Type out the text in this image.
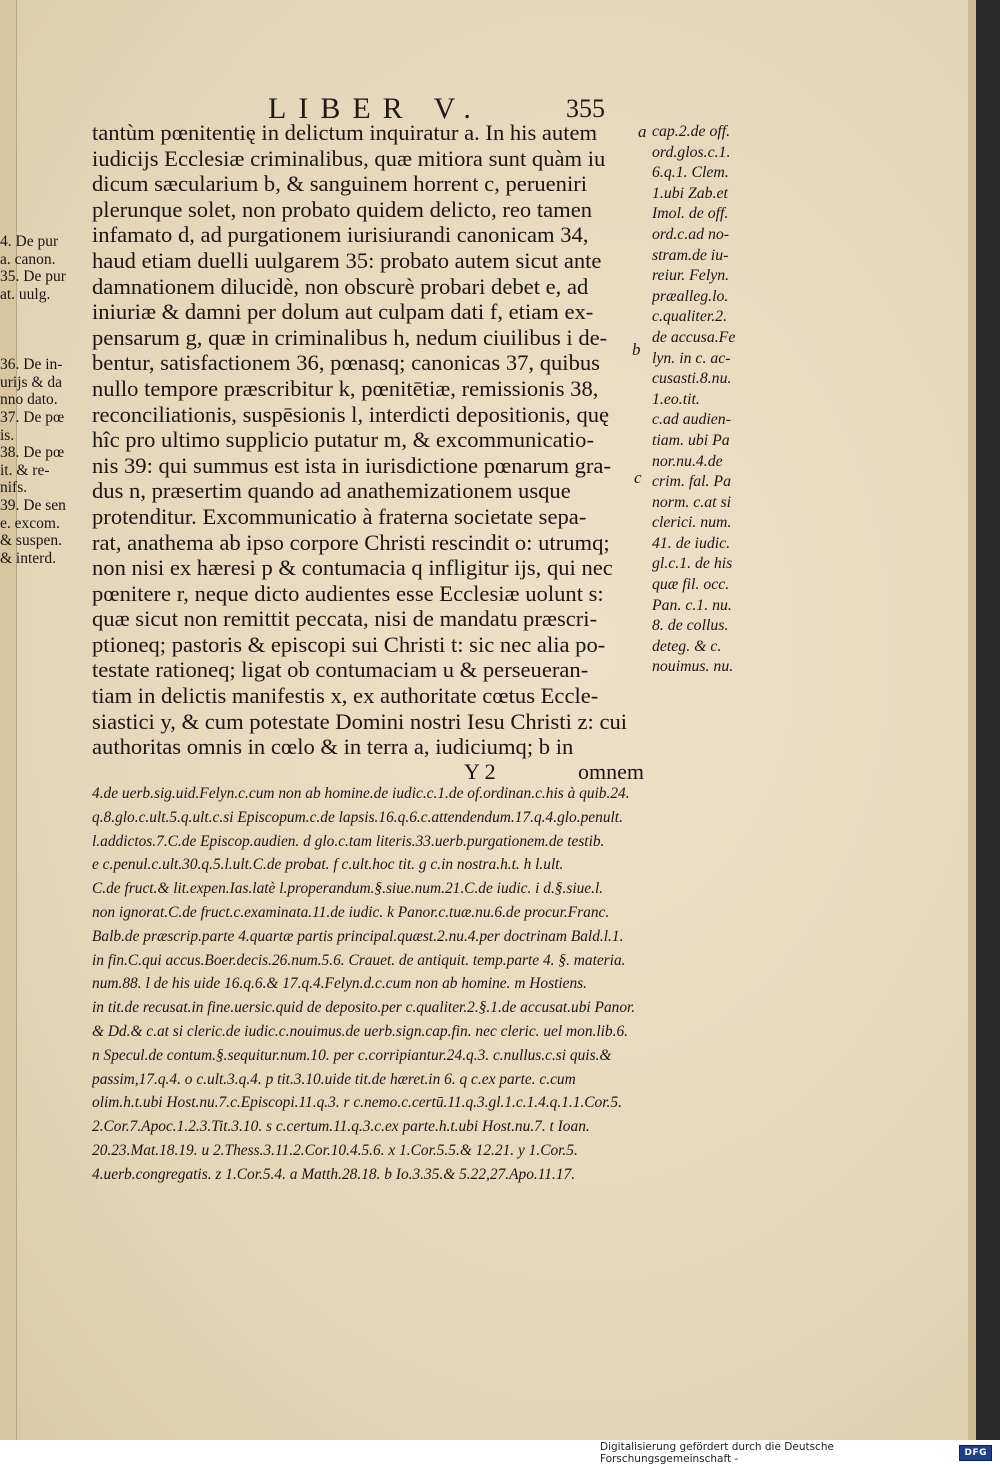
LIBER V.	355
4. De pur
a. canon.
35. De pur
at. uulg.

36. De in-
urijs & da
nno dato.
37. De pœ
is.
38. De pœ
it. & re-
nifs.
39. De sen
e. excom.
& suspen.
& interd.
tantùm pœnitentię in delictum inquiratur a. In his autem
iudicijs Ecclesiæ criminalibus, quæ mitiora sunt quàm iu
dicum sæcularium b, & sanguinem horrent c, perueniri
plerunque solet, non probato quidem delicto, reo tamen
infamato d, ad purgationem iurisiurandi canonicam 34,
haud etiam duelli uulgarem 35: probato autem sicut ante
damnationem dilucidè, non obscurè probari debet e, ad
iniuriæ & damni per dolum aut culpam dati f, etiam ex-
pensarum g, quæ in criminalibus h, nedum ciuilibus i de-
bentur, satisfactionem 36, pœnasq; canonicas 37, quibus
nullo tempore præscribitur k, pœnitētiæ, remissionis 38,
reconciliationis, suspēsionis l, interdicti depositionis, quę
hîc pro ultimo supplicio putatur m, & excommunicatio-
nis 39: qui summus est ista in iurisdictione pœnarum gra-
dus n, præsertim quando ad anathemizationem usque
protenditur. Excommunicatio à fraterna societate sepa-
rat, anathema ab ipso corpore Christi rescindit o: utrumq;
non nisi ex hæresi p & contumacia q infligitur ijs, qui nec
pœnitere r, neque dicto audientes esse Ecclesiæ uolunt s:
quæ sicut non remittit peccata, nisi de mandatu præscri-
ptioneq; pastoris & episcopi sui Christi t: sic nec alia po-
testate rationeq; ligat ob contumaciam u & perseueran-
tiam in delictis manifestis x, ex authoritate cœtus Eccle-
siastici y, & cum potestate Domini nostri Iesu Christi z: cui
authoritas omnis in cœlo & in terra a, iudiciumq; b in
Y 2	omnem
a
b
c
cap.2.de off.
ord.glos.c.1.
6.q.1. Clem.
1.ubi Zab.et
Imol. de off.
ord.c.ad no-
stram.de iu-
reiur. Felyn.
præalleg.lo.
c.qualiter.2.
de accusa.Fe
lyn. in c. ac-
cusasti.8.nu.
1.eo.tit.
c.ad audien-
tiam. ubi Pa
nor.nu.4.de
crim. fal. Pa
norm. c.at si
clerici. num.
41. de iudic.
gl.c.1. de his
quæ fil. occ.
Pan. c.1. nu.
8. de collus.
deteg. & c.
nouimus. nu.
4.de uerb.sig.uid.Felyn.c.cum non ab homine.de iudic.c.1.de of.ordinan.c.his à quib.24.
q.8.glo.c.ult.5.q.ult.c.si Episcopum.c.de lapsis.16.q.6.c.attendendum.17.q.4.glo.penult.
l.addictos.7.C.de Episcop.audien. d glo.c.tam literis.33.uerb.purgationem.de testib.
e c.penul.c.ult.30.q.5.l.ult.C.de probat. f c.ult.hoc tit. g c.in nostra.h.t. h l.ult.
C.de fruct.& lit.expen.Ias.latè l.properandum.§.siue.num.21.C.de iudic. i d.§.siue.l.
non ignorat.C.de fruct.c.examinata.11.de iudic. k Panor.c.tuæ.nu.6.de procur.Franc.
Balb.de præscrip.parte 4.quartæ partis principal.quæst.2.nu.4.per doctrinam Bald.l.1.
in fin.C.qui accus.Boer.decis.26.num.5.6. Crauet. de antiquit. temp.parte 4. §. materia.
num.88. l de his uide 16.q.6.& 17.q.4.Felyn.d.c.cum non ab homine. m Hostiens.
in tit.de recusat.in fine.uersic.quid de deposito.per c.qualiter.2.§.1.de accusat.ubi Panor.
& Dd.& c.at si cleric.de iudic.c.nouimus.de uerb.sign.cap.fin. nec cleric. uel mon.lib.6.
n Specul.de contum.§.sequitur.num.10. per c.corripiantur.24.q.3. c.nullus.c.si quis.&
passim,17.q.4. o c.ult.3.q.4. p tit.3.10.uide tit.de hæret.in 6. q c.ex parte. c.cum
olim.h.t.ubi Host.nu.7.c.Episcopi.11.q.3. r c.nemo.c.certū.11.q.3.gl.1.c.1.4.q.1.1.Cor.5.
2.Cor.7.Apoc.1.2.3.Tit.3.10. s c.certum.11.q.3.c.ex parte.h.t.ubi Host.nu.7. t Ioan.
20.23.Mat.18.19. u 2.Thess.3.11.2.Cor.10.4.5.6. x 1.Cor.5.5.& 12.21. y 1.Cor.5.
4.uerb.congregatis. z 1.Cor.5.4. a Matth.28.18. b Io.3.35.& 5.22,27.Apo.11.17.
Digitalisierung gefördert durch die Deutsche Forschungsgemeinschaft -	DFG
